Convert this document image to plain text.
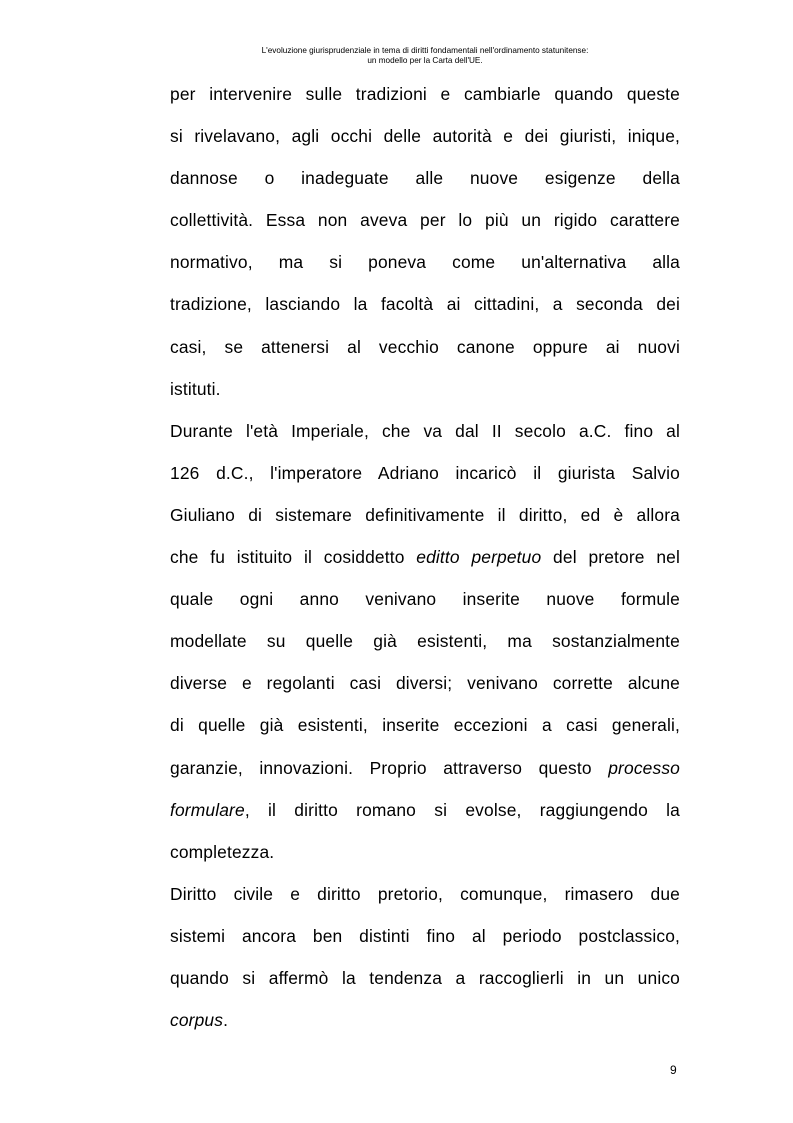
L'evoluzione giurisprudenziale in tema di diritti fondamentali nell'ordinamento statunitense:
un modello per la Carta dell'UE.
per intervenire sulle tradizioni e cambiarle quando queste
si rivelavano, agli occhi delle autorità e dei giuristi, inique,
dannose o inadeguate alle nuove esigenze della
collettività. Essa non aveva per lo più un rigido carattere
normativo, ma si poneva come un'alternativa alla
tradizione, lasciando la facoltà ai cittadini, a seconda dei
casi, se attenersi al vecchio canone oppure ai nuovi
istituti.
Durante l'età Imperiale, che va dal II secolo a.C. fino al
126 d.C., l'imperatore Adriano incaricò il giurista Salvio
Giuliano di sistemare definitivamente il diritto, ed è allora
che fu istituito il cosiddetto editto perpetuo del pretore nel
quale ogni anno venivano inserite nuove formule
modellate su quelle già esistenti, ma sostanzialmente
diverse e regolanti casi diversi; venivano corrette alcune
di quelle già esistenti, inserite eccezioni a casi generali,
garanzie, innovazioni. Proprio attraverso questo processo
formulare, il diritto romano si evolse, raggiungendo la
completezza.
Diritto civile e diritto pretorio, comunque, rimasero due
sistemi ancora ben distinti fino al periodo postclassico,
quando si affermò la tendenza a raccoglierli in un unico
corpus.
9
